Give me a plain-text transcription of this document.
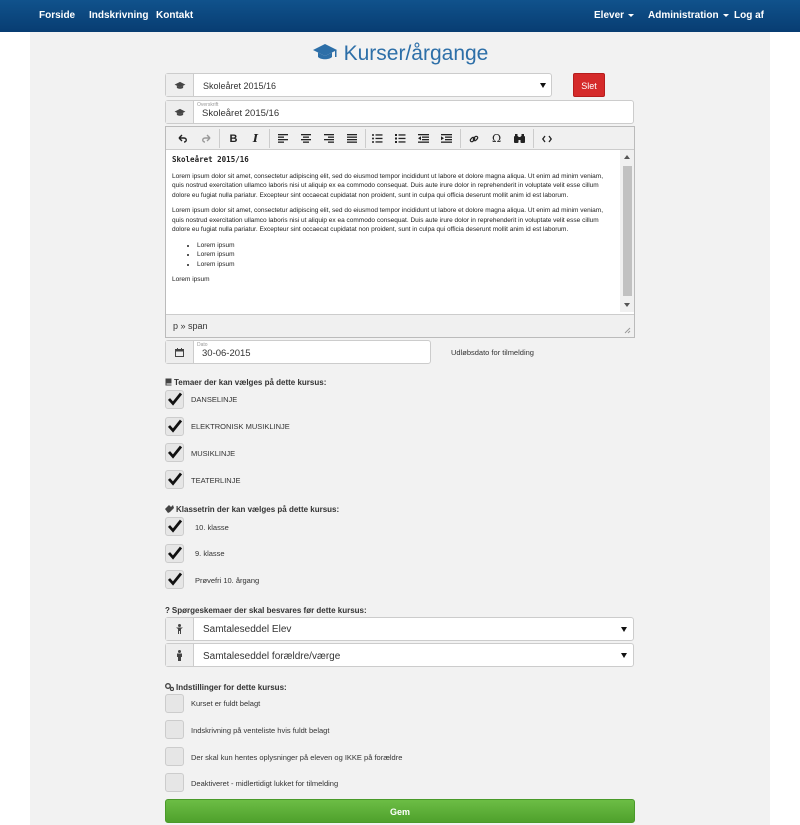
Forside Indskrivning Kontakt	Elever	Administration	Log af
Kurser/årgange
Skoleåret 2015/16	Slet
Overskrift
Skoleåret 2015/16
B	I	Ω
Skoleåret 2015/16

Lorem ipsum dolor sit amet, consectetur adipiscing elit, sed do eiusmod tempor incididunt ut labore et dolore magna aliqua. Ut enim ad minim veniam, quis nostrud exercitation ullamco laboris nisi ut aliquip ex ea commodo consequat. Duis aute irure dolor in reprehenderit in voluptate velit esse cillum dolore eu fugiat nulla pariatur. Excepteur sint occaecat cupidatat non proident, sunt in culpa qui officia deserunt mollit anim id est laborum.

Lorem ipsum dolor sit amet, consectetur adipiscing elit, sed do eiusmod tempor incididunt ut labore et dolore magna aliqua. Ut enim ad minim veniam, quis nostrud exercitation ullamco laboris nisi ut aliquip ex ea commodo consequat. Duis aute irure dolor in reprehenderit in voluptate velit esse cillum dolore eu fugiat nulla pariatur. Excepteur sint occaecat cupidatat non proident, sunt in culpa qui officia deserunt mollit anim id est laborum.

• Lorem ipsum
• Lorem ipsum
• Lorem ipsum

Lorem ipsum

p » span
Dato
30-06-2015	Udløbsdato for tilmelding
Temaer der kan vælges på dette kursus:
DANSELINJE
ELEKTRONISK MUSIKLINJE
MUSIKLINJE
TEATERLINJE
Klassetrin der kan vælges på dette kursus:
10. klasse
9. klasse
Prøvefri 10. årgang
? Spørgeskemaer der skal besvares før dette kursus:
Samtaleseddel Elev
Samtaleseddel forældre/værge
Indstillinger for dette kursus:
Kurset er fuldt belagt
Indskrivning på venteliste hvis fuldt belagt
Der skal kun hentes oplysninger på eleven og IKKE på forældre
Deaktiveret - midlertidigt lukket for tilmelding
Gem
